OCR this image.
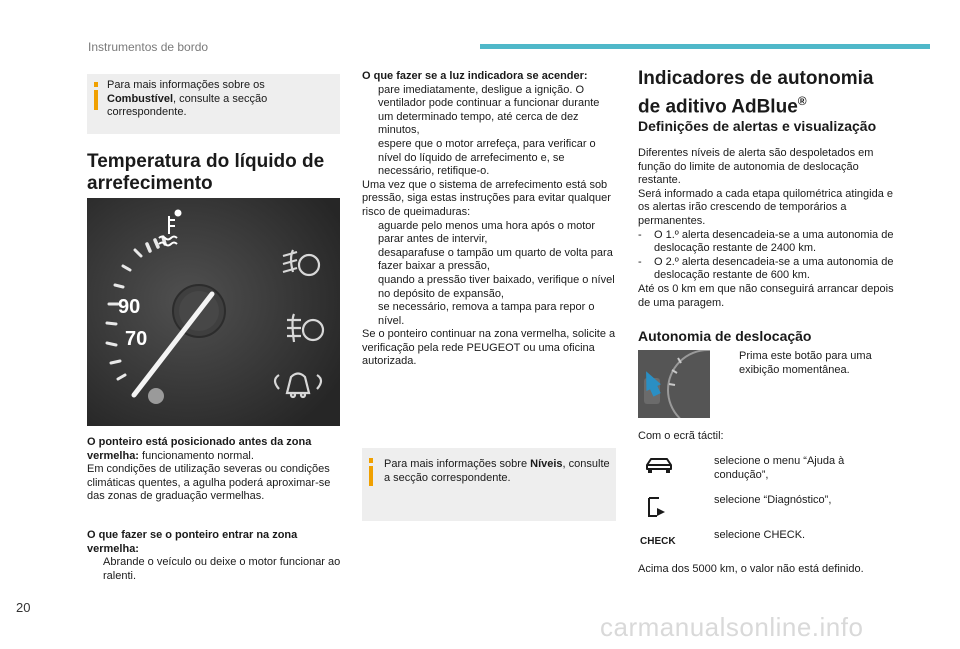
Instrumentos de bordo

Para mais informações sobre os Combustível, consulte a secção correspondente.

Temperatura do líquido de arrefecimento
90
70

O ponteiro está posicionado antes da zona vermelha: funcionamento normal.

Em condições de utilização severas ou condições climáticas quentes, a agulha poderá aproximar-se das zonas de graduação vermelhas.

O que fazer se o ponteiro entrar na zona vermelha:

Abrande o veículo ou deixe o motor funcionar ao ralenti.

O que fazer se a luz indicadora se acender:

pare imediatamente, desligue a ignição. O ventilador pode continuar a funcionar durante um determinado tempo, até cerca de dez minutos,

espere que o motor arrefeça, para verificar o nível do líquido de arrefecimento e, se necessário, retifique-o.

Uma vez que o sistema de arrefecimento está sob pressão, siga estas instruções para evitar qualquer risco de queimaduras:

aguarde pelo menos uma hora após o motor parar antes de intervir,

desaparafuse o tampão um quarto de volta para fazer baixar a pressão,

quando a pressão tiver baixado, verifique o nível no depósito de expansão,

se necessário, remova a tampa para repor o nível.

Se o ponteiro continuar na zona vermelha, solicite a verificação pela rede PEUGEOT ou uma oficina autorizada.

Para mais informações sobre Níveis, consulte a secção correspondente.

Indicadores de autonomia
de aditivo AdBlue®
Definições de alertas e visualização

Diferentes níveis de alerta são despoletados em função do limite de autonomia de deslocação restante.

Será informado a cada etapa quilométrica atingida e os alertas irão crescendo de temporários a permanentes.

- O 1.º alerta desencadeia-se a uma autonomia de deslocação restante de 2400 km.

- O 2.º alerta desencadeia-se a uma autonomia de deslocação restante de 600 km.

Até os 0 km em que não conseguirá arrancar depois de uma paragem.

Autonomia de deslocação

Prima este botão para uma exibição momentânea.

Com o ecrã táctil:

selecione o menu “Ajuda à condução”,

selecione “Diagnóstico”,

CHECK

selecione CHECK.

Acima dos 5000 km, o valor não está definido.
20
carmanualsonline.info
